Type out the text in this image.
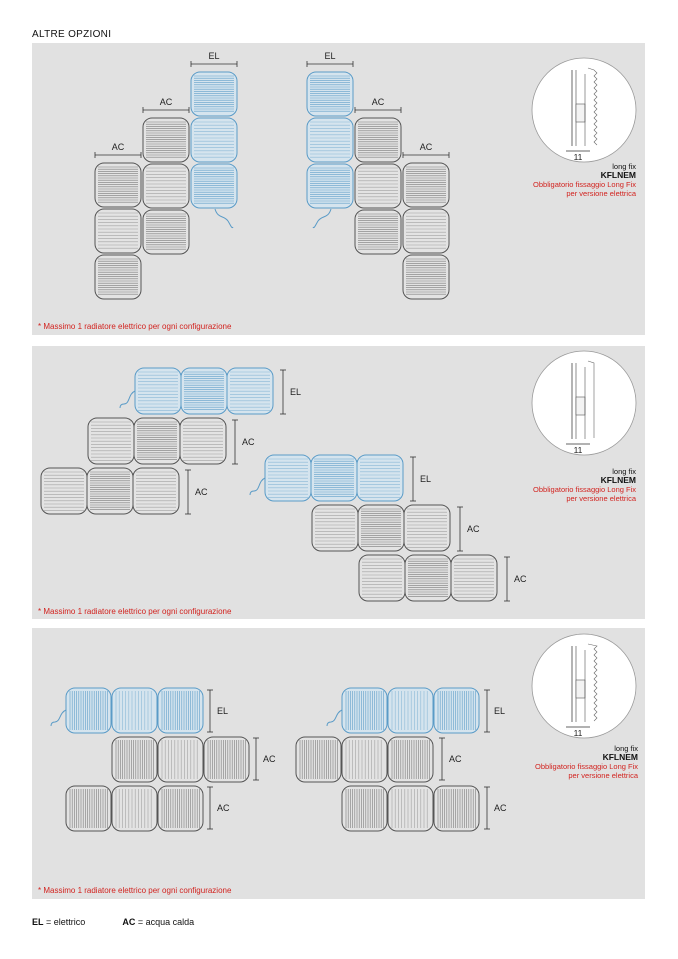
ALTRE OPZIONI
AC
AC
EL	EL
AC
AC
11
* Massimo 1 radiatore elettrico per ogni configurazione
long fix
KFLNEM
Obbligatorio fissaggio Long Fix
per versione elettrica
EL
AC
AC
EL
AC
AC
11
* Massimo 1 radiatore elettrico per ogni configurazione
long fix
KFLNEM
Obbligatorio fissaggio Long Fix
per versione elettrica
EL
AC
AC
EL
AC
AC
11
* Massimo 1 radiatore elettrico per ogni configurazione
long fix
KFLNEM
Obbligatorio fissaggio Long Fix
per versione elettrica
EL = elettrico	AC = acqua calda
